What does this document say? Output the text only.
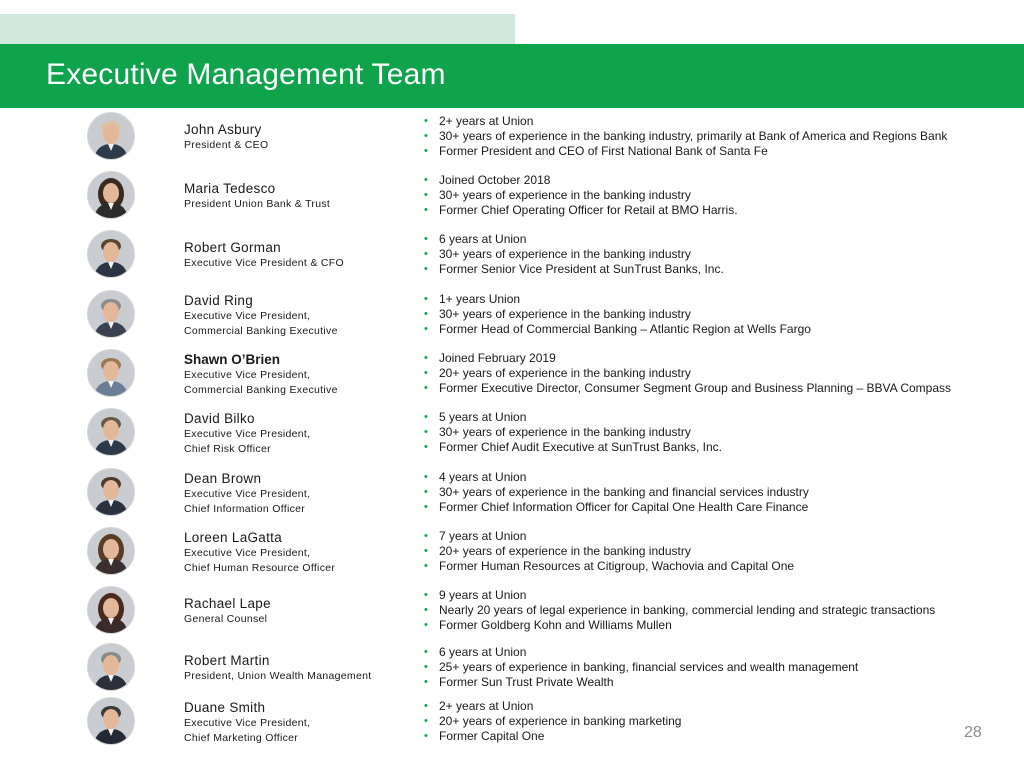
Executive Management Team
John Asbury
President & CEO
• 2+ years at Union
• 30+ years of experience in the banking industry, primarily at Bank of America and Regions Bank
• Former President and CEO of First National Bank of Santa Fe
Maria Tedesco
President Union Bank & Trust
• Joined October 2018
• 30+ years of experience in the banking industry
• Former Chief Operating Officer for Retail at BMO Harris.
Robert Gorman
Executive Vice President & CFO
• 6 years at Union
• 30+ years of experience in the banking industry
• Former Senior Vice President at SunTrust Banks, Inc.
David Ring
Executive Vice President,
Commercial Banking Executive
• 1+ years Union
• 30+ years of experience in the banking industry
• Former Head of Commercial Banking – Atlantic Region at Wells Fargo
Shawn O’Brien
Executive Vice President,
Commercial Banking Executive
• Joined February 2019
• 20+ years of experience in the banking industry
• Former Executive Director, Consumer Segment Group and Business Planning – BBVA Compass
David Bilko
Executive Vice President,
Chief Risk Officer
• 5 years at Union
• 30+ years of experience in the banking industry
• Former Chief Audit Executive at SunTrust Banks, Inc.
Dean Brown
Executive Vice President,
Chief Information Officer
• 4 years at Union
• 30+ years of experience in the banking and financial services industry
• Former Chief Information Officer for Capital One Health Care Finance
Loreen LaGatta
Executive Vice President,
Chief Human Resource Officer
• 7 years at Union
• 20+ years of experience in the banking industry
• Former Human Resources at Citigroup, Wachovia and Capital One
Rachael Lape
General Counsel
• 9 years at Union
• Nearly 20 years of legal experience in banking, commercial lending and strategic transactions
• Former Goldberg Kohn and Williams Mullen
Robert Martin
President, Union Wealth Management
• 6 years at Union
• 25+ years of experience in banking, financial services and wealth management
• Former Sun Trust Private Wealth
Duane Smith
Executive Vice President,
Chief Marketing Officer
• 2+ years at Union
• 20+ years of experience in banking marketing
• Former Capital One	28
